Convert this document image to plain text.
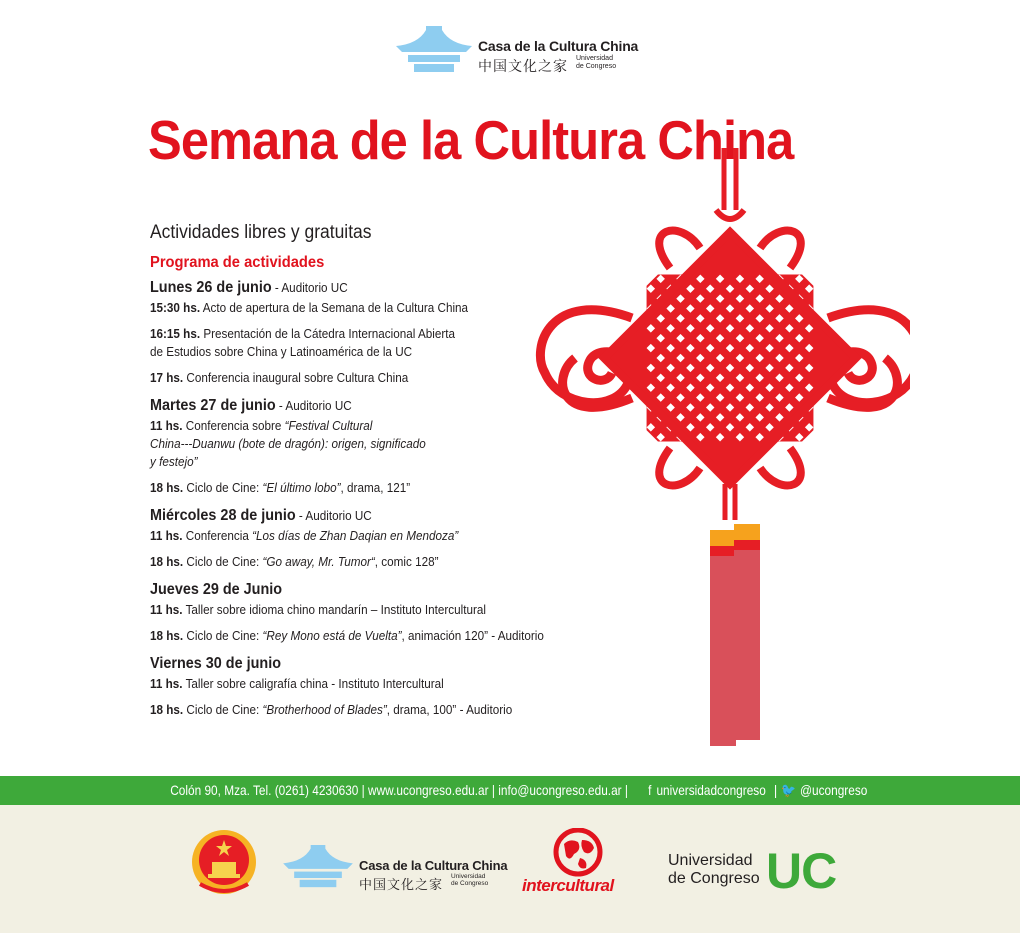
Casa de la Cultura China
中国文化之家
Universidad
de Congreso
Semana de la Cultura China
Actividades libres y gratuitas
Programa de actividades
Lunes 26 de junio - Auditorio UC
15:30 hs. Acto de apertura de la Semana de la Cultura China
16:15 hs. Presentación de la Cátedra Internacional Abierta
de Estudios sobre China y Latinoamérica de la UC
17 hs. Conferencia inaugural sobre Cultura China
Martes 27 de junio - Auditorio UC
11 hs. Conferencia sobre “Festival Cultural
China---Duanwu (bote de dragón): origen, significado
y festejo”
18 hs. Ciclo de Cine: “El último lobo”, drama, 121”
Miércoles 28 de junio - Auditorio UC
11 hs. Conferencia “Los días de Zhan Daqian en Mendoza”
18 hs. Ciclo de Cine: “Go away, Mr. Tumor“, comic 128”
Jueves 29 de Junio
11 hs. Taller sobre idioma chino mandarín – Instituto Intercultural
18 hs. Ciclo de Cine: “Rey Mono está de Vuelta”, animación 120” - Auditorio
Viernes 30 de junio
11 hs. Taller sobre caligrafía china - Instituto Intercultural
18 hs. Ciclo de Cine: “Brotherhood of Blades”, drama, 100” - Auditorio
Colón 90, Mza. Tel. (0261) 4230630 | www.ucongreso.edu.ar | info@ucongreso.edu.ar |f universidadcongreso | 🐦 @ucongreso
Casa de la Cultura China
中国文化之家
Universidad
de Congreso intercultural
Universidad
de Congreso UC
